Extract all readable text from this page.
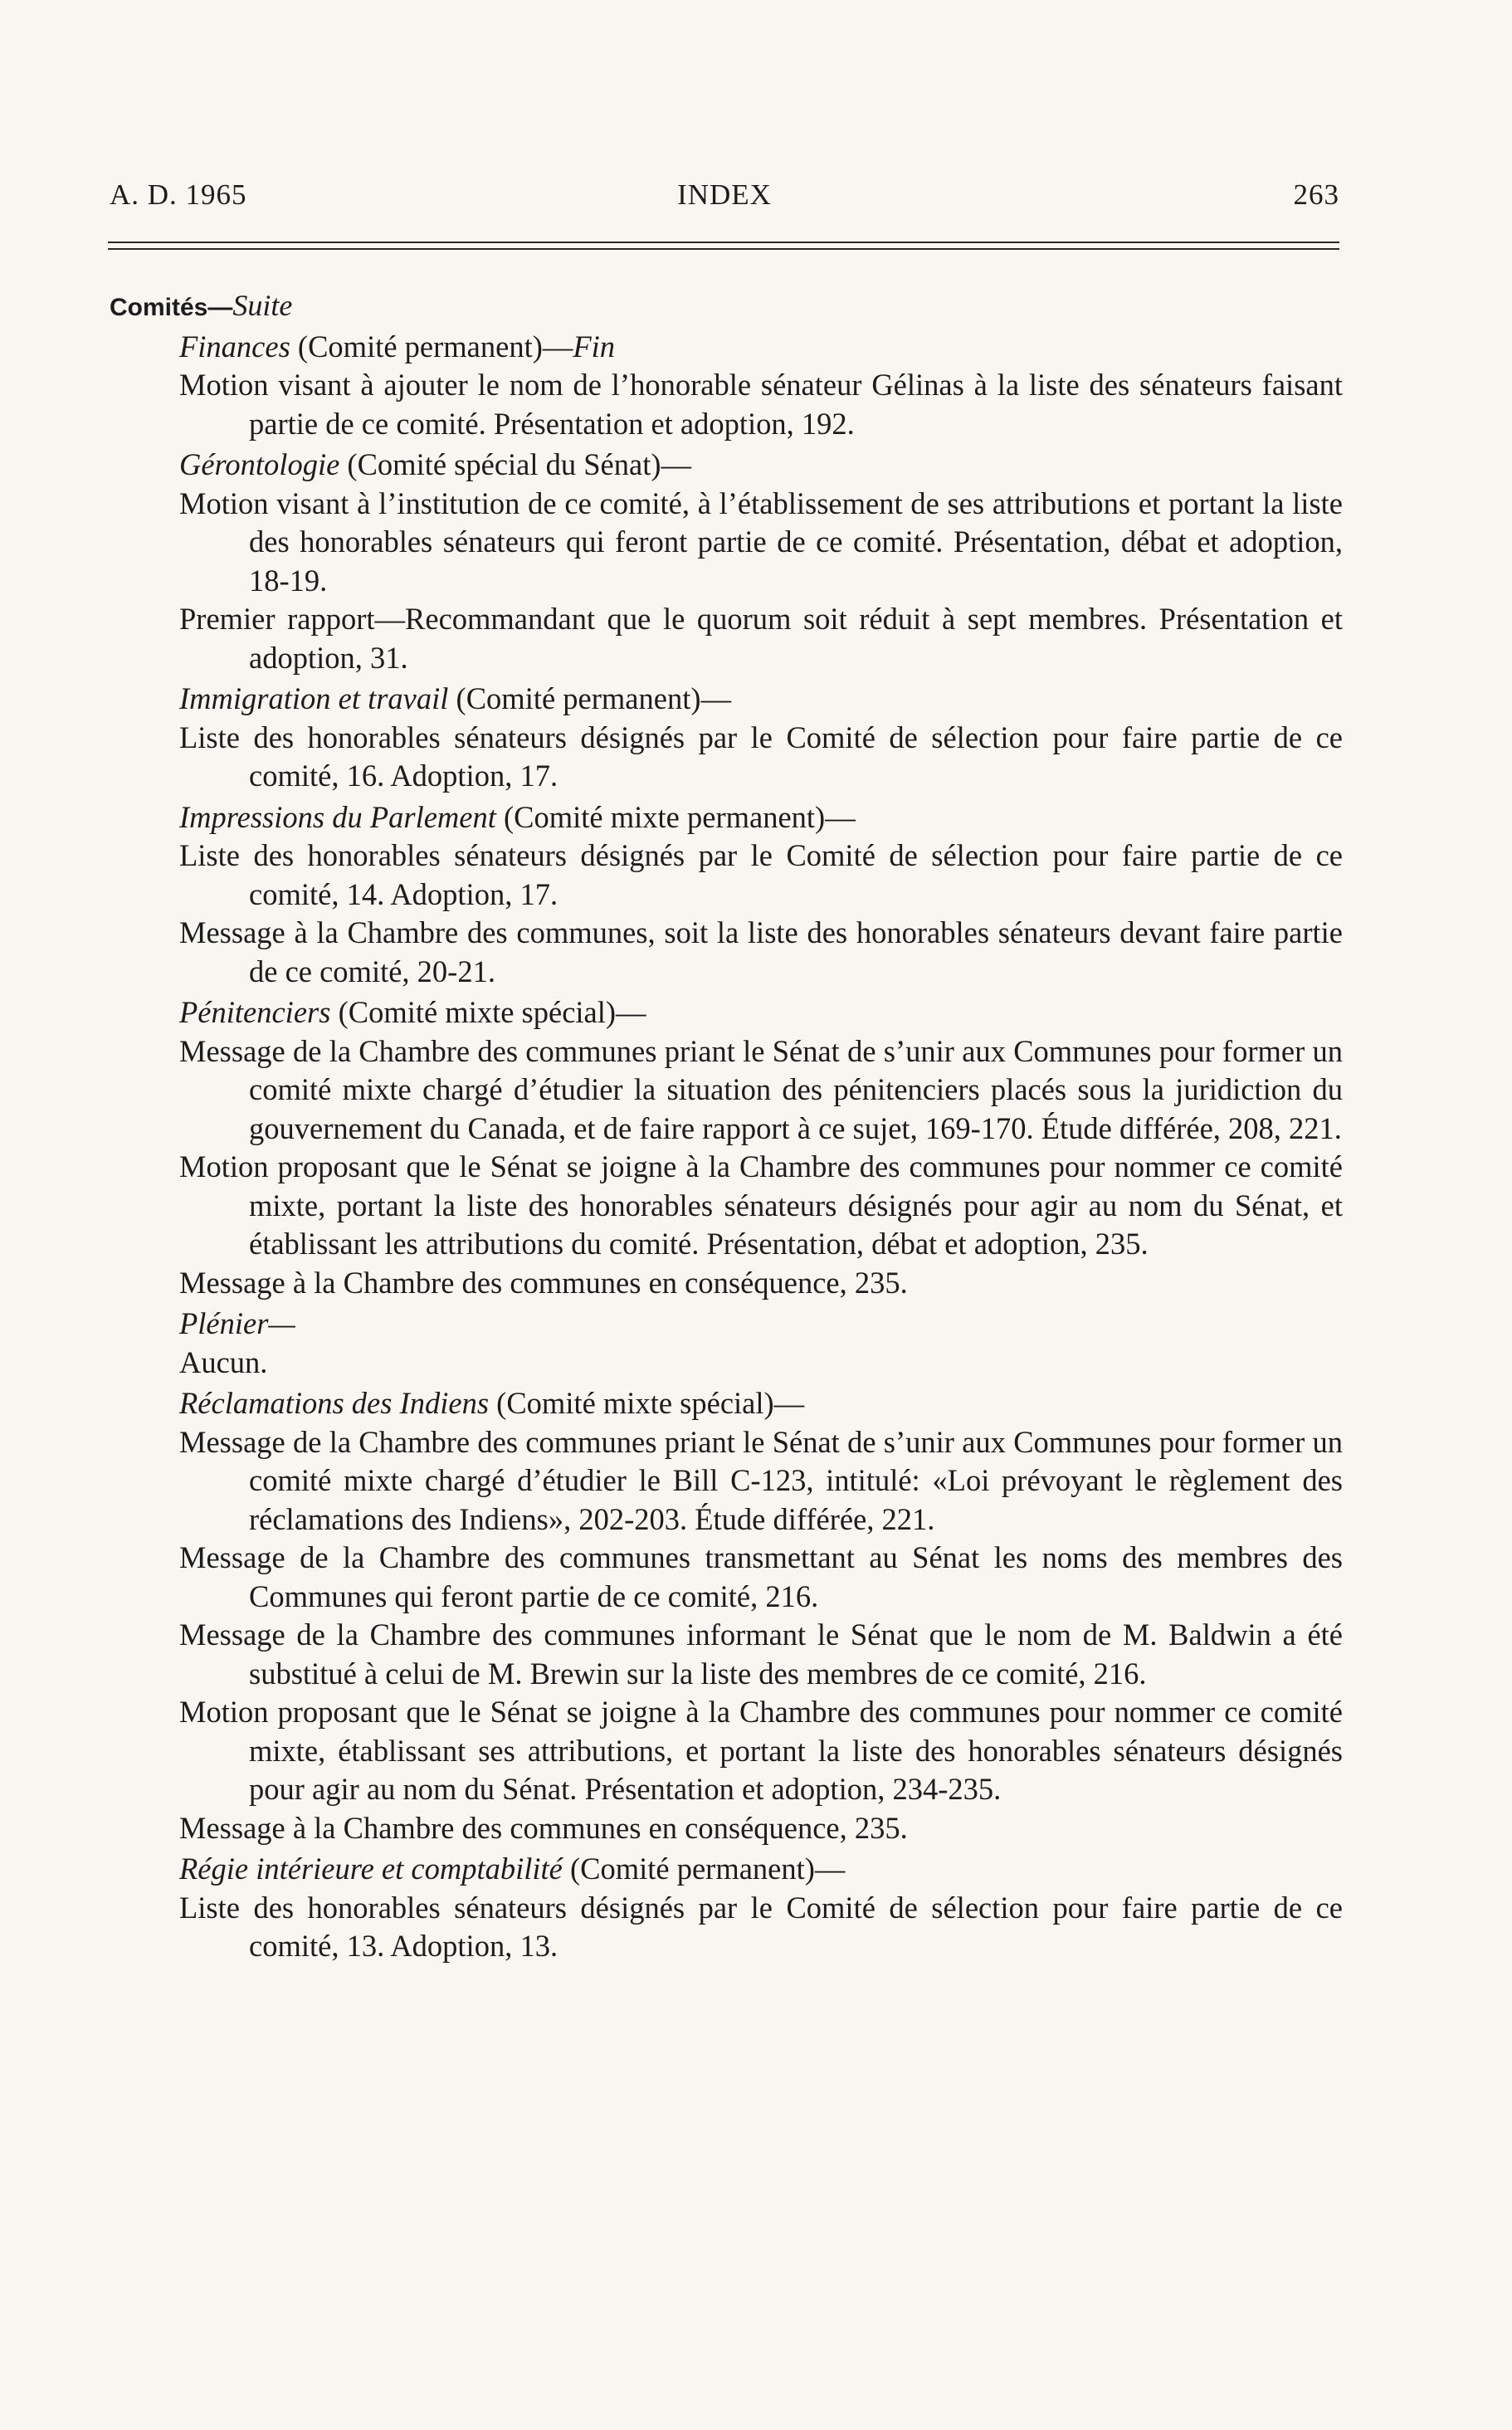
A. D. 1965	INDEX	263

Comités—Suite

Finances (Comité permanent)—Fin

Motion visant à ajouter le nom de l’honorable sénateur Gélinas à la liste des sénateurs faisant partie de ce comité. Présentation et adoption, 192.

Gérontologie (Comité spécial du Sénat)—

Motion visant à l’institution de ce comité, à l’établissement de ses attributions et portant la liste des honorables sénateurs qui feront partie de ce comité. Présentation, débat et adoption, 18-19.

Premier rapport—Recommandant que le quorum soit réduit à sept membres. Présentation et adoption, 31.

Immigration et travail (Comité permanent)—

Liste des honorables sénateurs désignés par le Comité de sélection pour faire partie de ce comité, 16. Adoption, 17.

Impressions du Parlement (Comité mixte permanent)—

Liste des honorables sénateurs désignés par le Comité de sélection pour faire partie de ce comité, 14. Adoption, 17.

Message à la Chambre des communes, soit la liste des honorables sénateurs devant faire partie de ce comité, 20-21.

Pénitenciers (Comité mixte spécial)—

Message de la Chambre des communes priant le Sénat de s’unir aux Communes pour former un comité mixte chargé d’étudier la situation des pénitenciers placés sous la juridiction du gouvernement du Canada, et de faire rapport à ce sujet, 169-170. Étude différée, 208, 221.

Motion proposant que le Sénat se joigne à la Chambre des communes pour nommer ce comité mixte, portant la liste des honorables sénateurs désignés pour agir au nom du Sénat, et établissant les attributions du comité. Présentation, débat et adoption, 235.

Message à la Chambre des communes en conséquence, 235.

Plénier—

Aucun.

Réclamations des Indiens (Comité mixte spécial)—

Message de la Chambre des communes priant le Sénat de s’unir aux Communes pour former un comité mixte chargé d’étudier le Bill C-123, intitulé: «Loi prévoyant le règlement des réclamations des Indiens», 202-203. Étude différée, 221.

Message de la Chambre des communes transmettant au Sénat les noms des membres des Communes qui feront partie de ce comité, 216.

Message de la Chambre des communes informant le Sénat que le nom de M. Baldwin a été substitué à celui de M. Brewin sur la liste des membres de ce comité, 216.

Motion proposant que le Sénat se joigne à la Chambre des communes pour nommer ce comité mixte, établissant ses attributions, et portant la liste des honorables sénateurs désignés pour agir au nom du Sénat. Présentation et adoption, 234-235.

Message à la Chambre des communes en conséquence, 235.

Régie intérieure et comptabilité (Comité permanent)—

Liste des honorables sénateurs désignés par le Comité de sélection pour faire partie de ce comité, 13. Adoption, 13.
